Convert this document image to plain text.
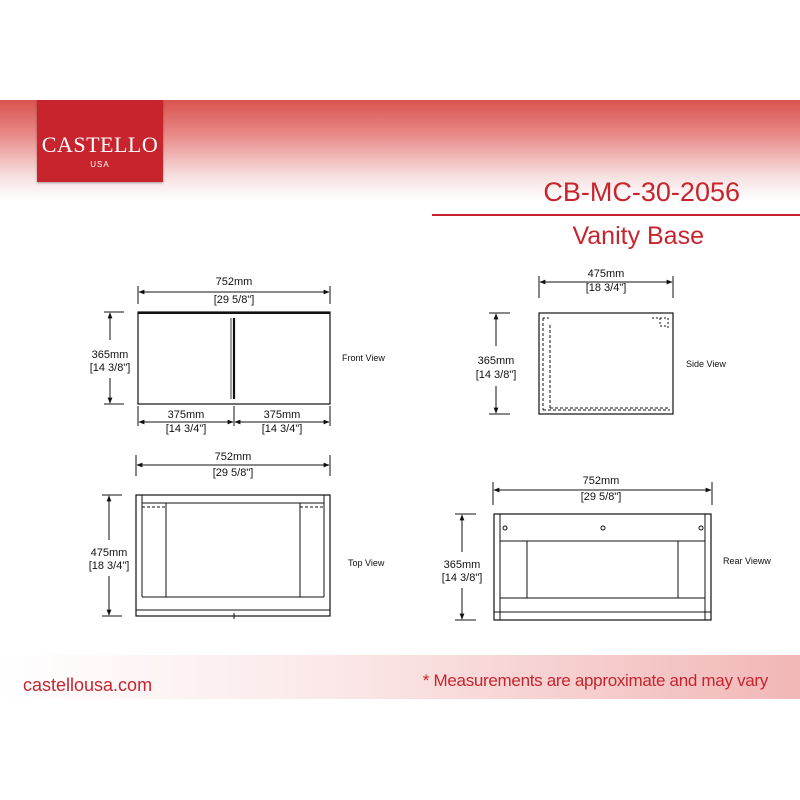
CASTELLO
USA
CB-MC-30-2056
Vanity Base
752mm
[29 5/8"]
365mm
[14 3/8"]
375mm
[14 3/4"]
375mm
[14 3/4"]
Front View
475mm
[18 3/4"]
365mm
[14 3/8"]
Side View
752mm
[29 5/8"]
475mm
[18 3/4"]	Top View
752mm
[29 5/8"]
365mm
[14 3/8"]
Rear Vieww
castellousa.com	* Measurements are approximate and may vary
